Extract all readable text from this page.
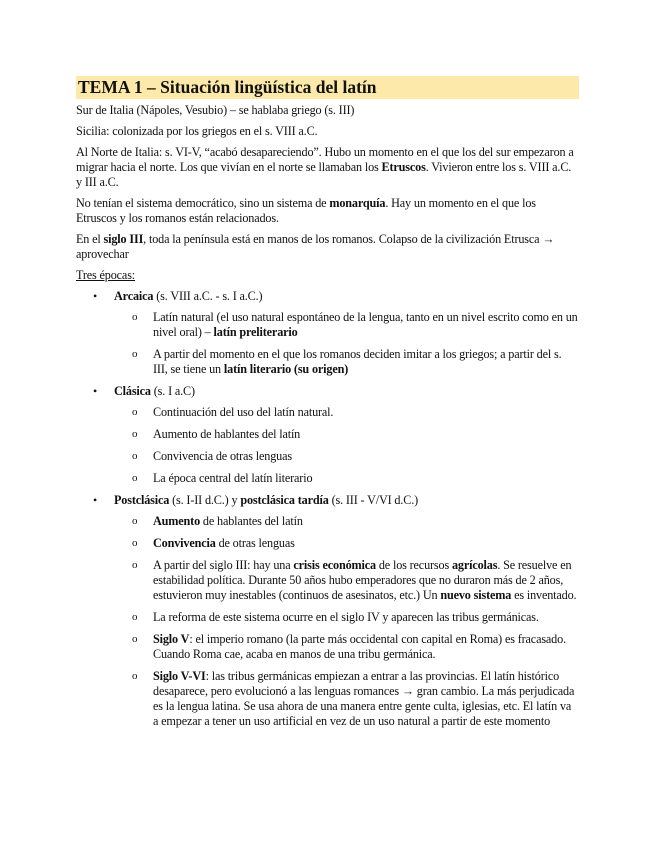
TEMA 1 – Situación lingüística del latín
Sur de Italia (Nápoles, Vesubio) – se hablaba griego (s. III)
Sicilia: colonizada por los griegos en el s. VIII a.C.
Al Norte de Italia: s. VI-V, “acabó desapareciendo”. Hubo un momento en el que los del sur empezaron a migrar hacia el norte. Los que vivían en el norte se llamaban los Etruscos. Vivieron entre los s. VIII a.C. y III a.C.
No tenían el sistema democrático, sino un sistema de monarquía. Hay un momento en el que los Etruscos y los romanos están relacionados.
En el siglo III, toda la península está en manos de los romanos. Colapso de la civilización Etrusca → aprovechar
Tres épocas:
• Arcaica (s. VIII a.C. - s. I a.C.)
o Latín natural (el uso natural espontáneo de la lengua, tanto en un nivel escrito como en un nivel oral) – latín preliterario
o A partir del momento en el que los romanos deciden imitar a los griegos; a partir del s. III, se tiene un latín literario (su origen)
• Clásica (s. I a.C)
o Continuación del uso del latín natural.
o Aumento de hablantes del latín
o Convivencia de otras lenguas
o La época central del latín literario
• Postclásica (s. I-II d.C.) y postclásica tardía (s. III - V/VI d.C.)
o Aumento de hablantes del latín
o Convivencia de otras lenguas
o A partir del siglo III: hay una crisis económica de los recursos agrícolas. Se resuelve en estabilidad política. Durante 50 años hubo emperadores que no duraron más de 2 años, estuvieron muy inestables (continuos de asesinatos, etc.) Un nuevo sistema es inventado.
o La reforma de este sistema ocurre en el siglo IV y aparecen las tribus germánicas.
o Siglo V: el imperio romano (la parte más occidental con capital en Roma) es fracasado. Cuando Roma cae, acaba en manos de una tribu germánica.
o Siglo V-VI: las tribus germánicas empiezan a entrar a las provincias. El latín histórico desaparece, pero evolucionó a las lenguas romances → gran cambio. La más perjudicada es la lengua latina. Se usa ahora de una manera entre gente culta, iglesias, etc. El latín va a empezar a tener un uso artificial en vez de un uso natural a partir de este momento
